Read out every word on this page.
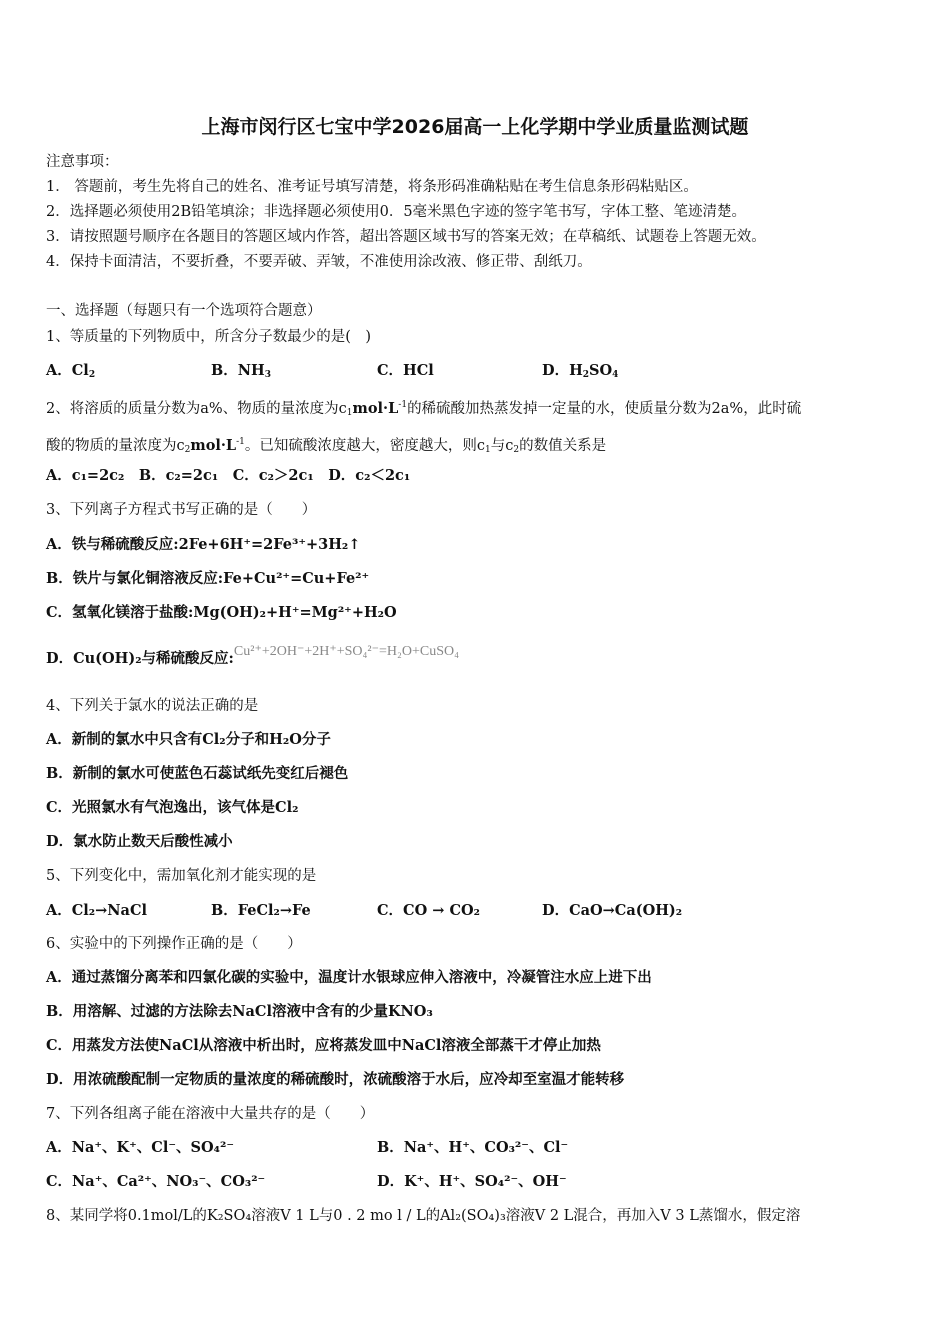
上海市闵行区七宝中学2026届高一上化学期中学业质量监测试题
注意事项：
1． 答题前，考生先将自己的姓名、准考证号填写清楚，将条形码准确粘贴在考生信息条形码粘贴区。
2．选择题必须使用2B铅笔填涂；非选择题必须使用0．5毫米黑色字迹的签字笔书写，字体工整、笔迹清楚。
3．请按照题号顺序在各题目的答题区域内作答，超出答题区域书写的答案无效；在草稿纸、试题卷上答题无效。
4．保持卡面清洁，不要折叠，不要弄破、弄皱，不准使用涂改液、修正带、刮纸刀。
一、选择题（每题只有一个选项符合题意）
1、等质量的下列物质中，所含分子数最少的是(　)
A．$Cl_2$	B．$NH_3$	C．HCl	D．$H_2SO_4$
2、将溶质的质量分数为a%、物质的量浓度为$c_1mol\cdot L^{-1}$的稀硫酸加热蒸发掉一定量的水，使质量分数为2a%，此时硫
酸的物质的量浓度为$c_2mol\cdot L^{-1}$。已知硫酸浓度越大，密度越大，则$c_1$与$c_2$的数值关系是
A．c₁=2c₂　B．c₂=2c₁　C．c₂＞2c₁　D．c₂＜2c₁
3、下列离子方程式书写正确的是（　　）
A．铁与稀硫酸反应:2Fe+6H⁺=2Fe³⁺+3H₂↑
B．铁片与氯化铜溶液反应:Fe+Cu²⁺=Cu+Fe²⁺
C．氢氧化镁溶于盐酸:Mg(OH)₂+H⁺=Mg²⁺+H₂O
D．Cu(OH)₂与稀硫酸反应:Cu²⁺+2OH⁻+2H⁺+SO₄²⁻=H₂O+CuSO₄
4、下列关于氯水的说法正确的是
A．新制的氯水中只含有Cl₂分子和H₂O分子
B．新制的氯水可使蓝色石蕊试纸先变红后褪色
C．光照氯水有气泡逸出，该气体是Cl₂
D．氯水防止数天后酸性减小
5、下列变化中，需加氧化剂才能实现的是
A．Cl₂→NaCl	B．FeCl₂→Fe	C．CO → CO₂	D．CaO→Ca(OH)₂
6、实验中的下列操作正确的是（　　）
A．通过蒸馏分离苯和四氯化碳的实验中，温度计水银球应伸入溶液中，冷凝管注水应上进下出
B．用溶解、过滤的方法除去NaCl溶液中含有的少量KNO₃
C．用蒸发方法使NaCl从溶液中析出时，应将蒸发皿中NaCl溶液全部蒸干才停止加热
D．用浓硫酸配制一定物质的量浓度的稀硫酸时，浓硫酸溶于水后，应冷却至室温才能转移
7、下列各组离子能在溶液中大量共存的是（　　）
A．Na⁺、K⁺、Cl⁻、SO₄²⁻	B．Na⁺、H⁺、CO₃²⁻、Cl⁻
C．Na⁺、Ca²⁺、NO₃⁻、CO₃²⁻	D．K⁺、H⁺、SO₄²⁻、OH⁻
8、某同学将0.1mol/L的K₂SO₄溶液V 1 L与0 . 2 mo l / L的Al₂(SO₄)₃溶液V 2 L混合，再加入V 3 L蒸馏水，假定溶
